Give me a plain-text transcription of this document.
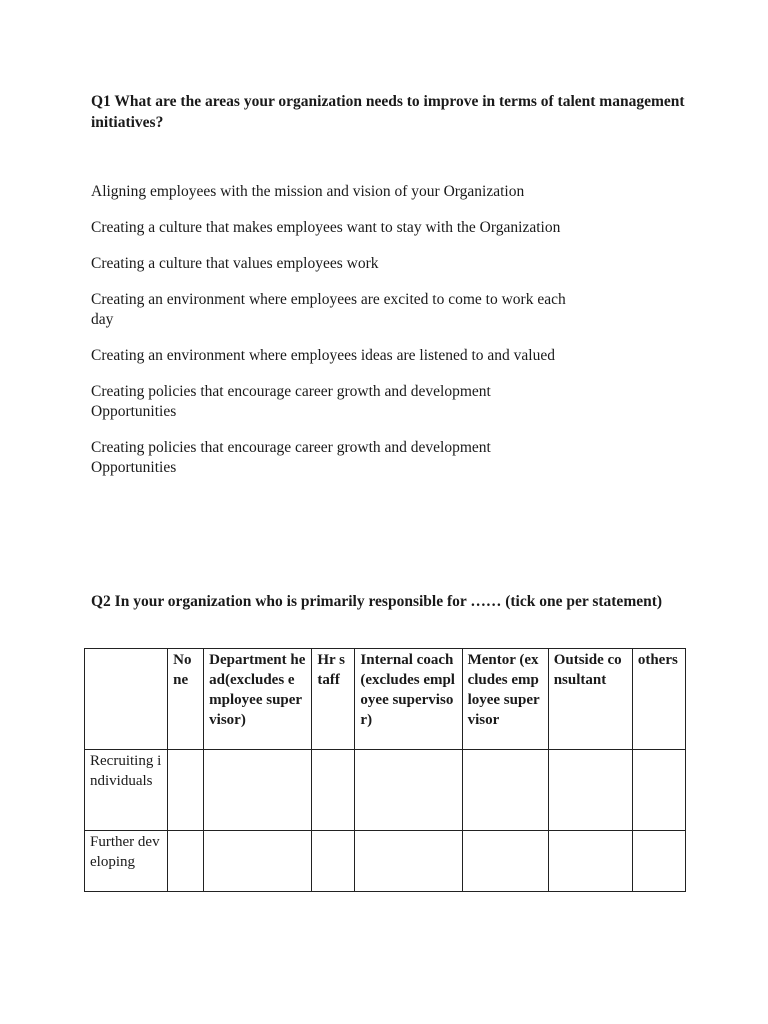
Q1 What are the areas your organization needs to improve in terms of talent management initiatives?

Aligning employees with the mission and vision of your Organization
Creating a culture that makes employees want to stay with the Organization
Creating a culture that values employees work
Creating an environment where employees are excited to come to work each day
Creating an environment where employees ideas are listened to and valued
Creating policies that encourage career growth and development Opportunities
Creating policies that encourage career growth and development Opportunities

Q2 In your organization who is primarily responsible for …… (tick one per statement)

	None	Department head(excludes employee supervisor)	Hr staff	Internal coach(excludes employee supervisor)	Mentor (excludes employee supervisor	Outside consultant	others
Recruiting individuals							
Further developing							
